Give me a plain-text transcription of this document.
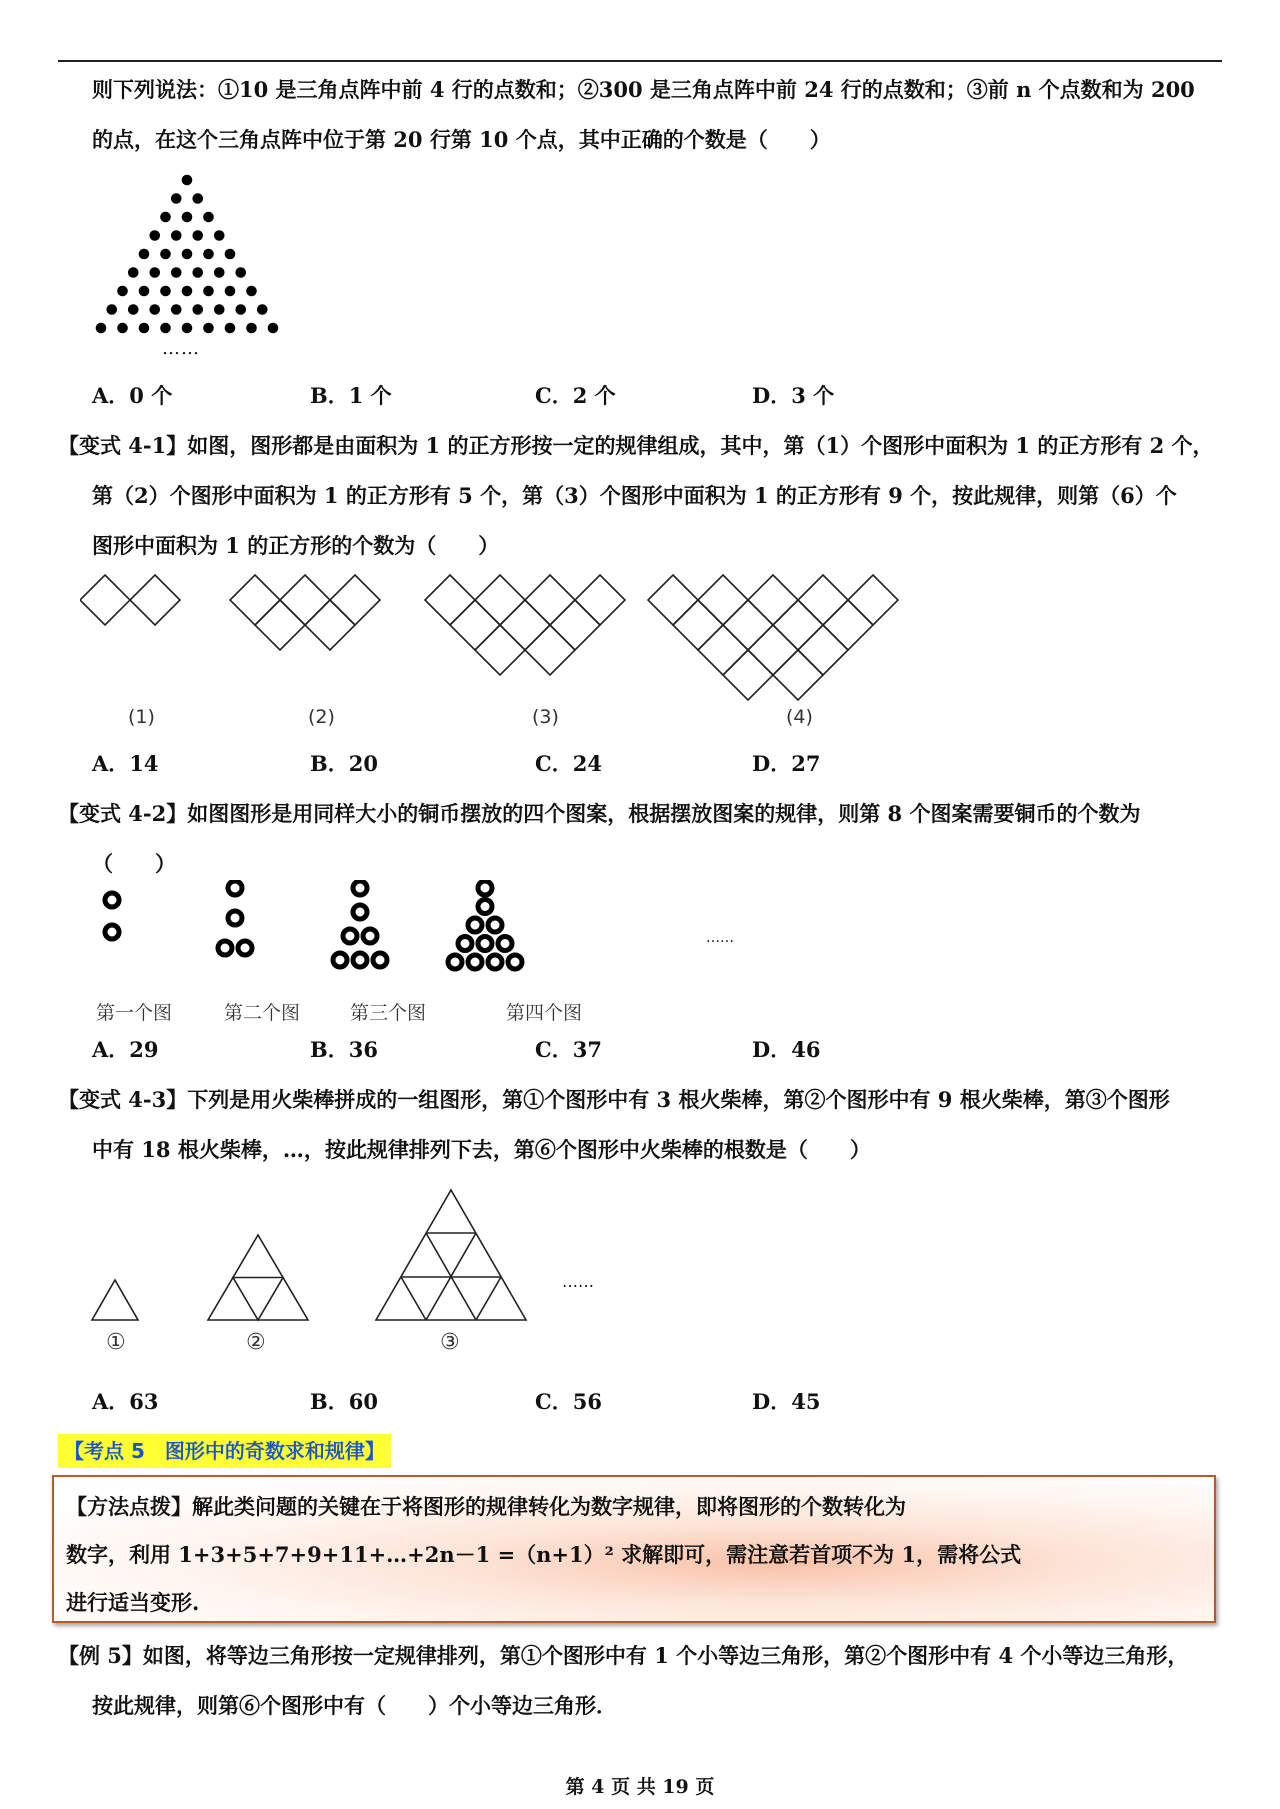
则下列说法：①10 是三角点阵中前 4 行的点数和；②300 是三角点阵中前 24 行的点数和；③前 n 个点数和为 200
的点，在这个三角点阵中位于第 20 行第 10 个点，其中正确的个数是（　　）
……
A．0 个	B．1 个	C．2 个	D．3 个
【变式 4-1】如图，图形都是由面积为 1 的正方形按一定的规律组成，其中，第（1）个图形中面积为 1 的正方形有 2 个，
第（2）个图形中面积为 1 的正方形有 5 个，第（3）个图形中面积为 1 的正方形有 9 个，按此规律，则第（6）个
图形中面积为 1 的正方形的个数为（　　）
(1)	(2)	(3)	(4)
A．14	B．20	C．24	D．27
【变式 4-2】如图图形是用同样大小的铜币摆放的四个图案，根据摆放图案的规律，则第 8 个图案需要铜币的个数为
（　　）
……
第一个图	第二个图	第三个图	第四个图
A．29	B．36	C．37	D．46
【变式 4-3】下列是用火柴棒拼成的一组图形，第①个图形中有 3 根火柴棒，第②个图形中有 9 根火柴棒，第③个图形
中有 18 根火柴棒，…，按此规律排列下去，第⑥个图形中火柴棒的根数是（　　）
……
①	②	③
A．63	B．60	C．56	D．45
【考点 5　图形中的奇数求和规律】
【方法点拨】解此类问题的关键在于将图形的规律转化为数字规律，即将图形的个数转化为
数字，利用 1+3+5+7+9+11+…+2n－1 =（n+1）² 求解即可，需注意若首项不为 1，需将公式
进行适当变形.
【例 5】如图，将等边三角形按一定规律排列，第①个图形中有 1 个小等边三角形，第②个图形中有 4 个小等边三角形，
按此规律，则第⑥个图形中有（　　）个小等边三角形．
第 4 页 共 19 页
